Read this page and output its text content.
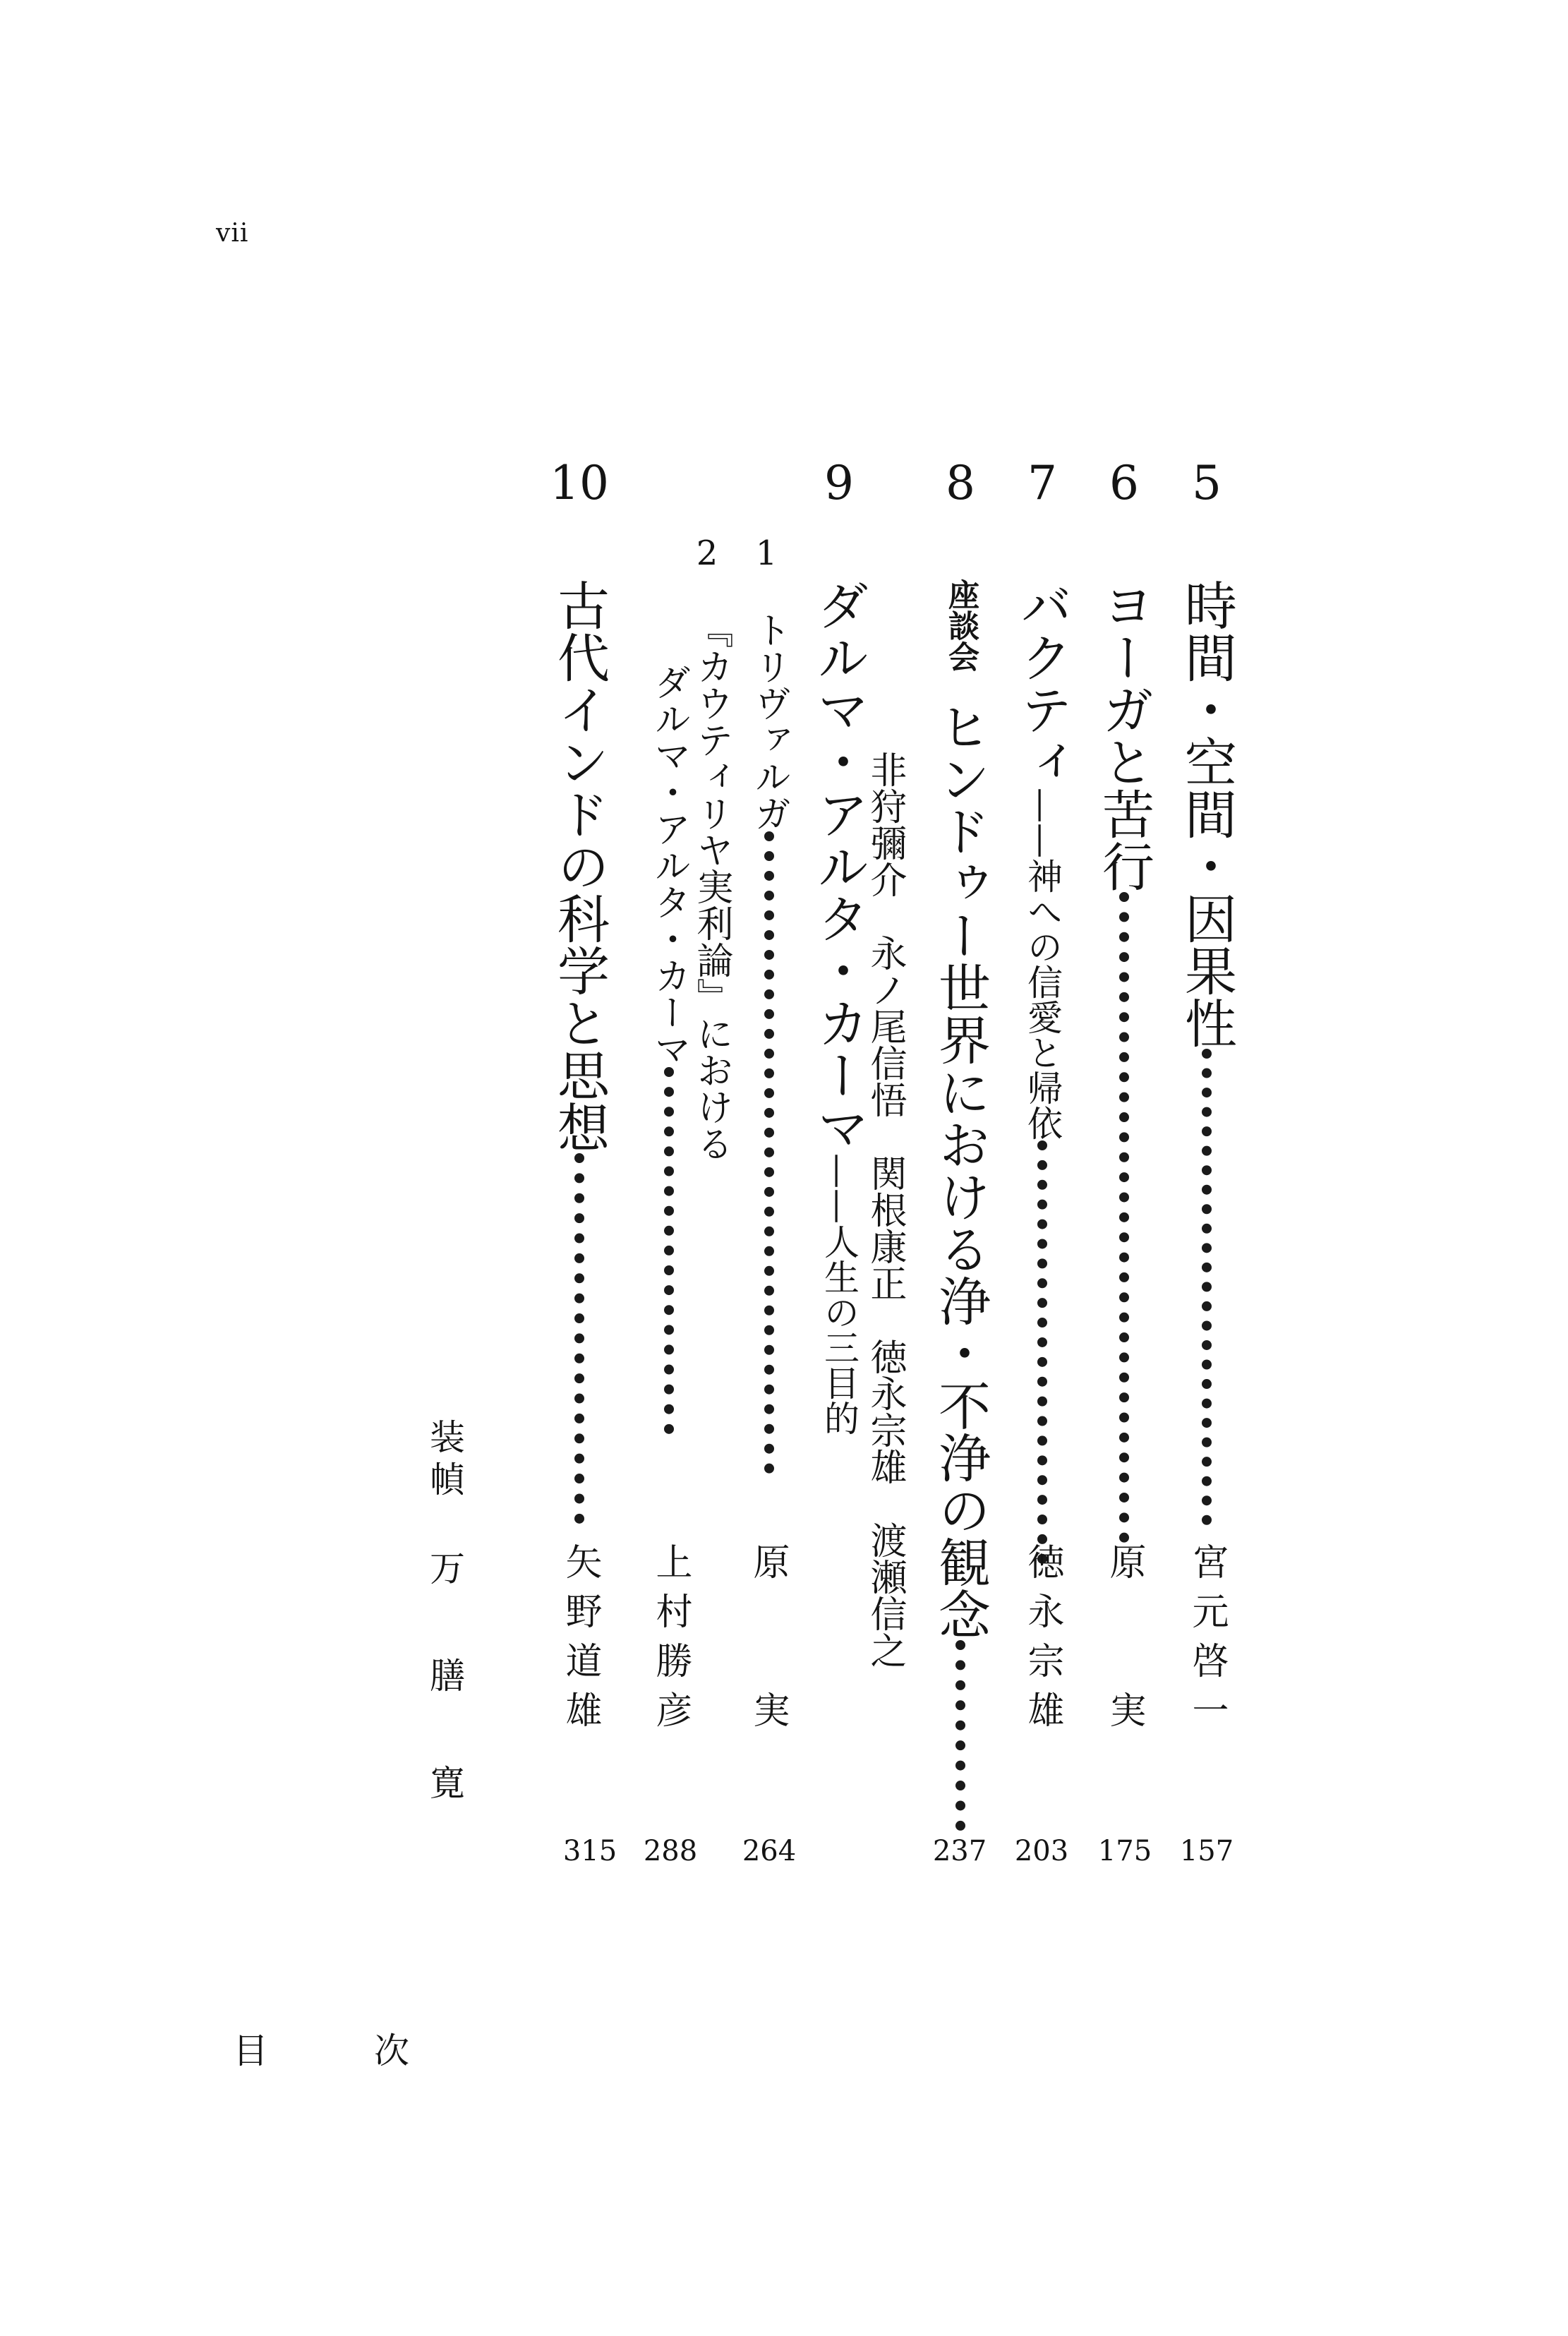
vii
5
時間・空間・因果性
宮元啓一
157
6
ヨーガと苦行
原　　実
175
7
バクティ——神への信愛と帰依
徳永宗雄
203
8
座談会ヒンドゥー世界における浄・不浄の観念
非狩彌介　永ノ尾信悟　関根康正　徳永宗雄　渡瀬信之
237
9
ダルマ・アルタ・カーマ——人生の三目的
1
トリヴァルガ
原　　実
264
2
『カウティリヤ実利論』における
ダルマ・アルタ・カーマ
上村勝彦
288
10
古代インドの科学と思想
矢野道雄
315
装幀
万　膳　寛
目　次
